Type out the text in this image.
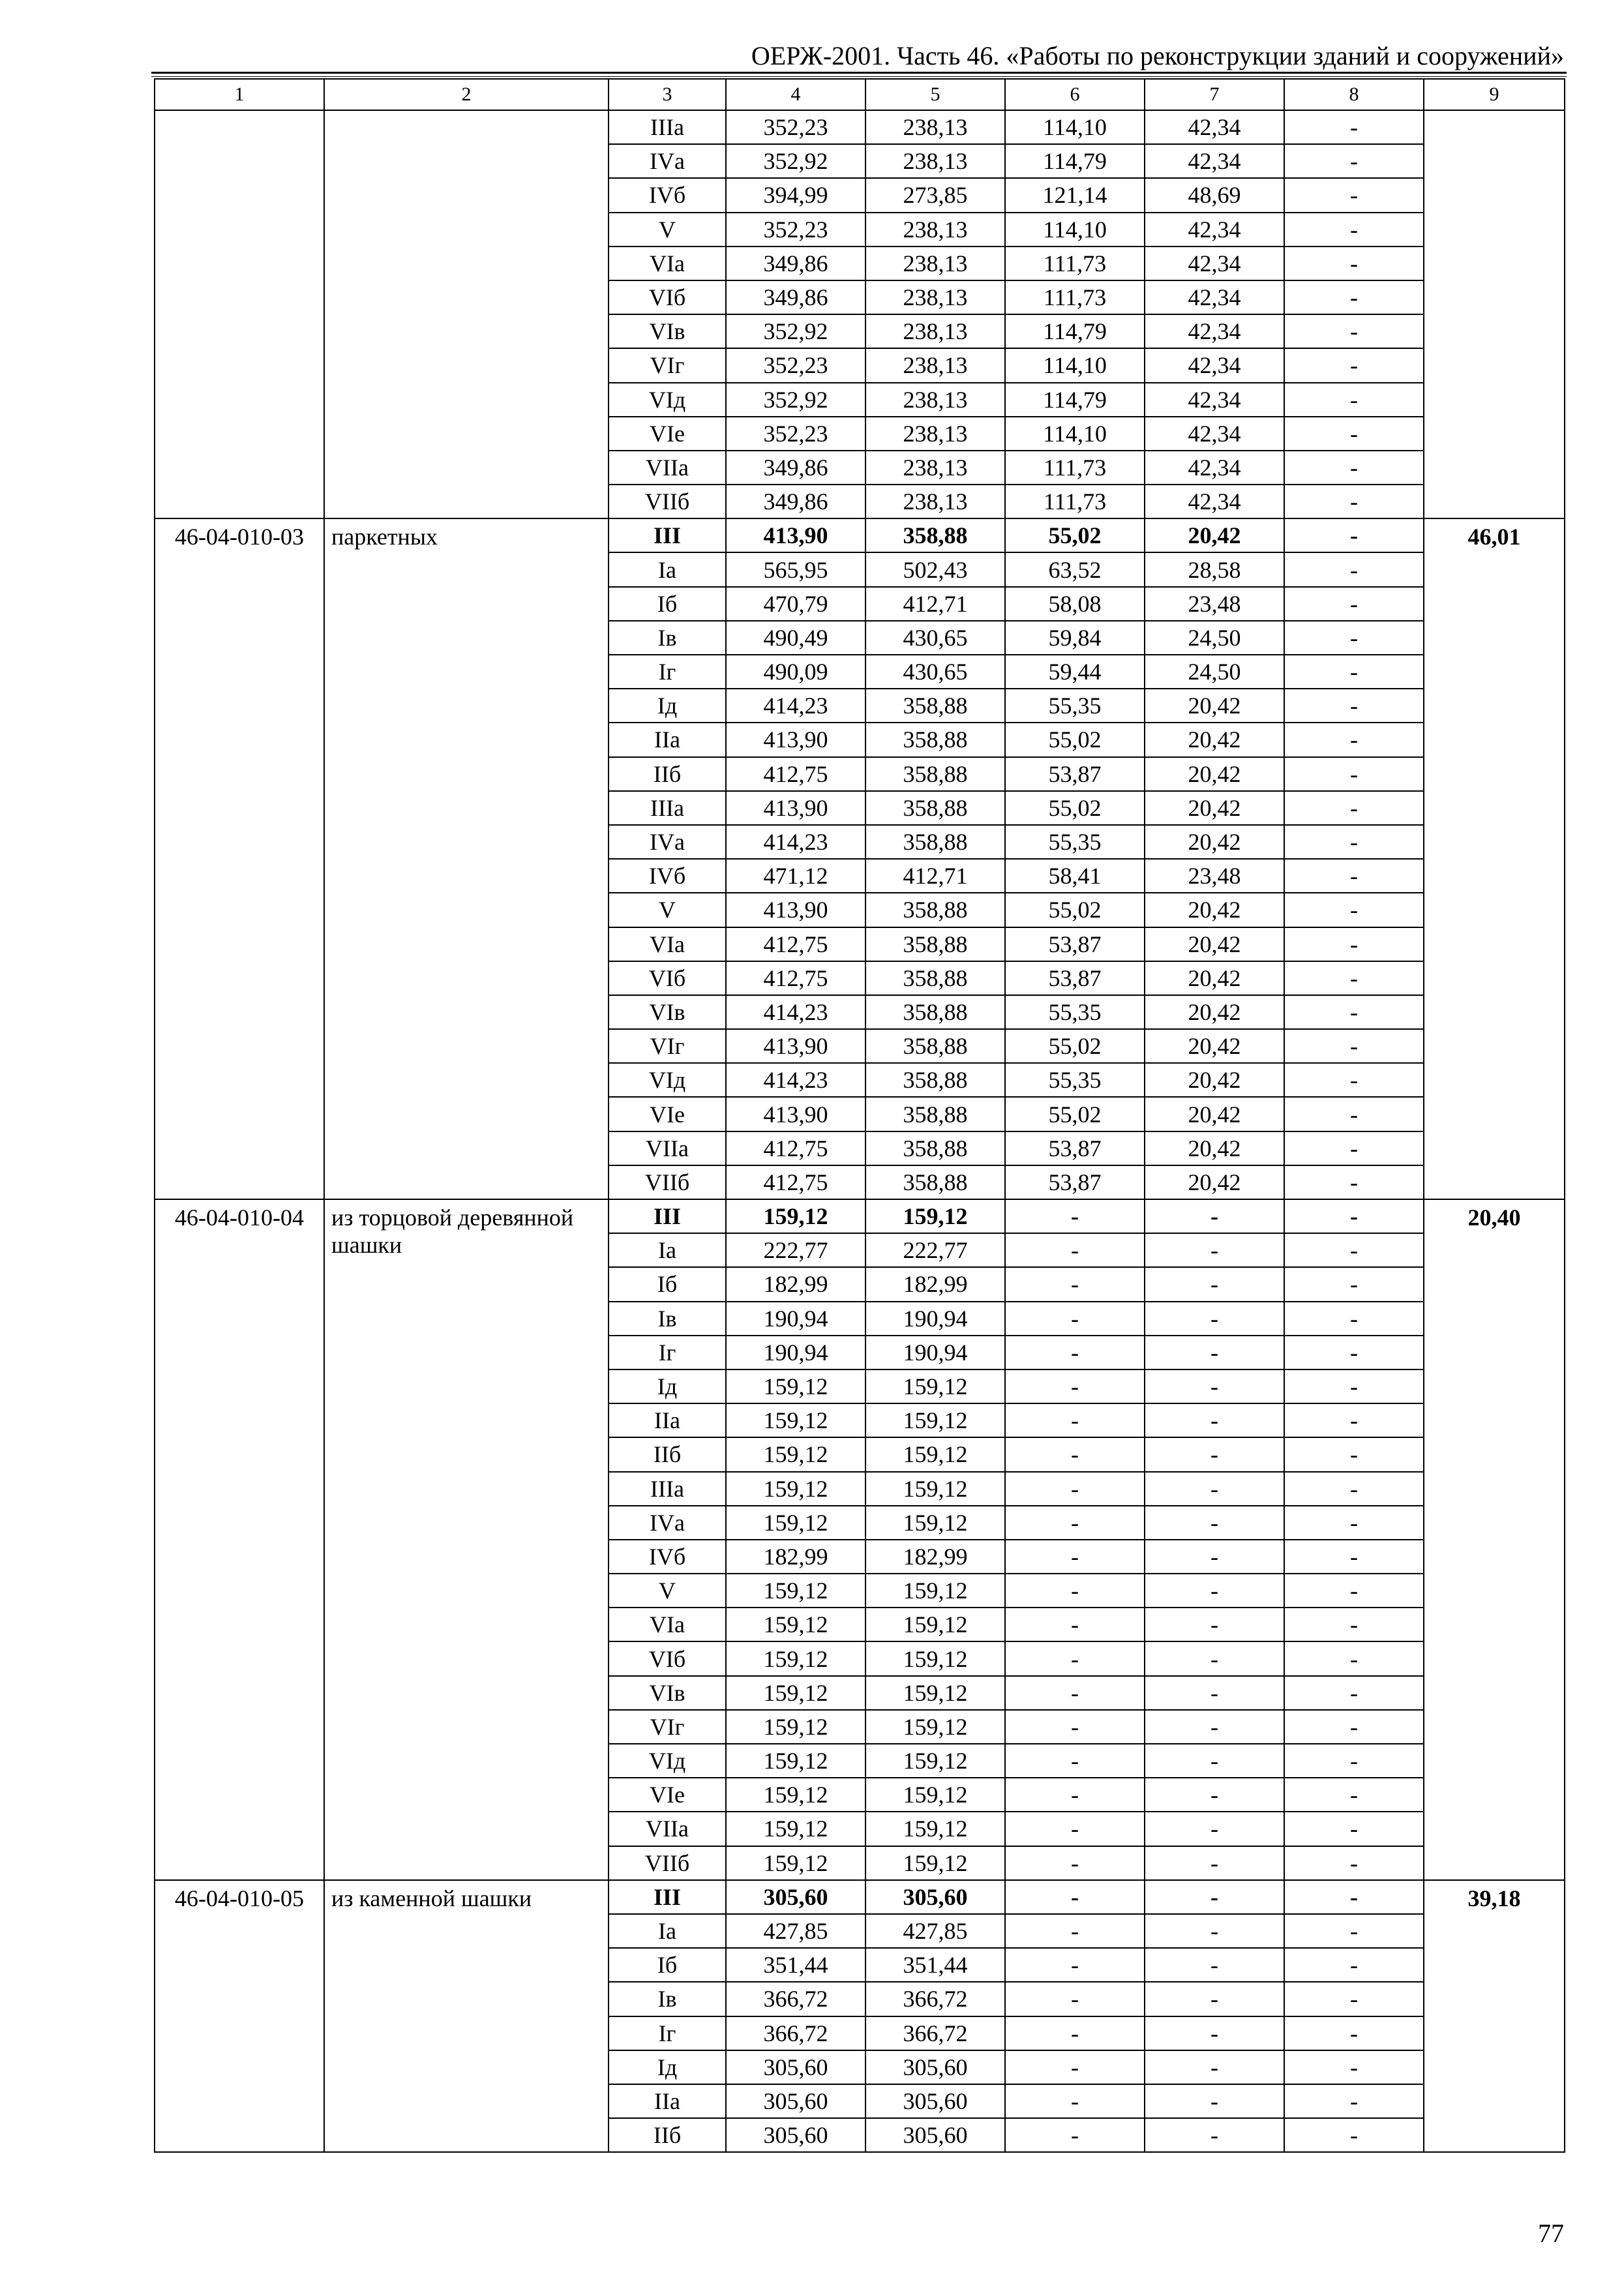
ОЕРЖ-2001. Часть 46. «Работы по реконструкции зданий и сооружений»
1	2	3	4	5	6	7	8	9
		IIIа	352,23	238,13	114,10	42,34	-	
		IVа	352,92	238,13	114,79	42,34	-	
		IVб	394,99	273,85	121,14	48,69	-	
		V	352,23	238,13	114,10	42,34	-	
		VIа	349,86	238,13	111,73	42,34	-	
		VIб	349,86	238,13	111,73	42,34	-	
		VIв	352,92	238,13	114,79	42,34	-	
		VIг	352,23	238,13	114,10	42,34	-	
		VIд	352,92	238,13	114,79	42,34	-	
		VIе	352,23	238,13	114,10	42,34	-	
		VIIа	349,86	238,13	111,73	42,34	-	
		VIIб	349,86	238,13	111,73	42,34	-	
46-04-010-03	паркетных	III	413,90	358,88	55,02	20,42	-	46,01
		Iа	565,95	502,43	63,52	28,58	-	
		Iб	470,79	412,71	58,08	23,48	-	
		Iв	490,49	430,65	59,84	24,50	-	
		Iг	490,09	430,65	59,44	24,50	-	
		Iд	414,23	358,88	55,35	20,42	-	
		IIа	413,90	358,88	55,02	20,42	-	
		IIб	412,75	358,88	53,87	20,42	-	
		IIIа	413,90	358,88	55,02	20,42	-	
		IVа	414,23	358,88	55,35	20,42	-	
		IVб	471,12	412,71	58,41	23,48	-	
		V	413,90	358,88	55,02	20,42	-	
		VIа	412,75	358,88	53,87	20,42	-	
		VIб	412,75	358,88	53,87	20,42	-	
		VIв	414,23	358,88	55,35	20,42	-	
		VIг	413,90	358,88	55,02	20,42	-	
		VIд	414,23	358,88	55,35	20,42	-	
		VIе	413,90	358,88	55,02	20,42	-	
		VIIа	412,75	358,88	53,87	20,42	-	
		VIIб	412,75	358,88	53,87	20,42	-	
46-04-010-04	из торцовой деревянной шашки	III	159,12	159,12	-	-	-	20,40
		Iа	222,77	222,77	-	-	-	
		Iб	182,99	182,99	-	-	-	
		Iв	190,94	190,94	-	-	-	
		Iг	190,94	190,94	-	-	-	
		Iд	159,12	159,12	-	-	-	
		IIа	159,12	159,12	-	-	-	
		IIб	159,12	159,12	-	-	-	
		IIIа	159,12	159,12	-	-	-	
		IVа	159,12	159,12	-	-	-	
		IVб	182,99	182,99	-	-	-	
		V	159,12	159,12	-	-	-	
		VIа	159,12	159,12	-	-	-	
		VIб	159,12	159,12	-	-	-	
		VIв	159,12	159,12	-	-	-	
		VIг	159,12	159,12	-	-	-	
		VIд	159,12	159,12	-	-	-	
		VIе	159,12	159,12	-	-	-	
		VIIа	159,12	159,12	-	-	-	
		VIIб	159,12	159,12	-	-	-	
46-04-010-05	из каменной шашки	III	305,60	305,60	-	-	-	39,18
		Iа	427,85	427,85	-	-	-	
		Iб	351,44	351,44	-	-	-	
		Iв	366,72	366,72	-	-	-	
		Iг	366,72	366,72	-	-	-	
		Iд	305,60	305,60	-	-	-	
		IIа	305,60	305,60	-	-	-	
		IIб	305,60	305,60	-	-	-	
77
